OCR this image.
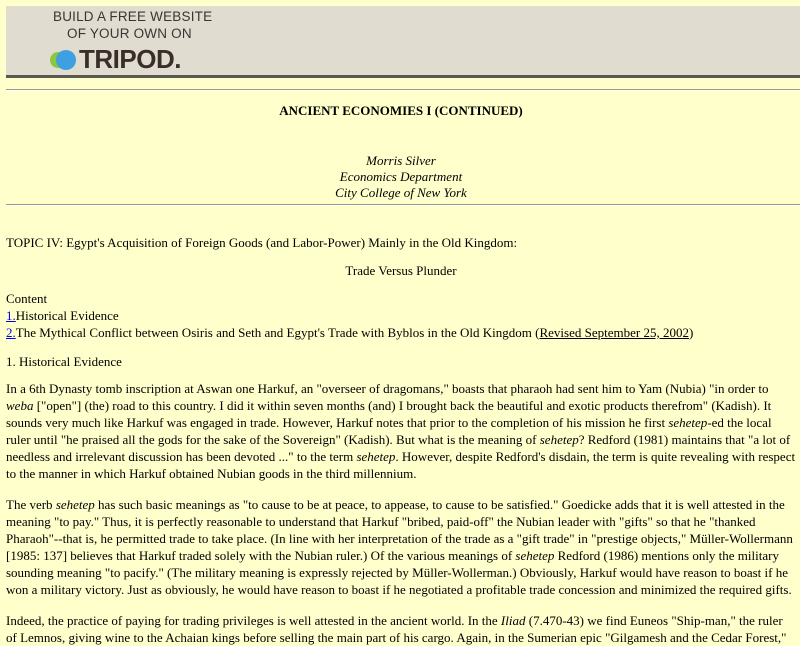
BUILD A FREE WEBSITE
OF YOUR OWN ON
TRIPOD.
ANCIENT ECONOMIES I (CONTINUED)
Morris Silver
Economics Department
City College of New York

TOPIC IV: Egypt's Acquisition of Foreign Goods (and Labor-Power) Mainly in the Old Kingdom:

Trade Versus Plunder

Content
1.Historical Evidence
2.The Mythical Conflict between Osiris and Seth and Egypt's Trade with Byblos in the Old Kingdom (Revised September 25, 2002)

1. Historical Evidence

In a 6th Dynasty tomb inscription at Aswan one Harkuf, an "overseer of dragomans," boasts that pharaoh had sent him to Yam (Nubia) "in order to weba ["open"] (the) road to this country. I did it within seven months (and) I brought back the beautiful and exotic products therefrom" (Kadish). It sounds very much like Harkuf was engaged in trade. However, Harkuf notes that prior to the completion of his mission he first sehetep-ed the local ruler until "he praised all the gods for the sake of the Sovereign" (Kadish). But what is the meaning of sehetep? Redford (1981) maintains that "a lot of needless and irrelevant discussion has been devoted ..." to the term sehetep. However, despite Redford's disdain, the term is quite revealing with respect to the manner in which Harkuf obtained Nubian goods in the third millennium.

The verb sehetep has such basic meanings as "to cause to be at peace, to appease, to cause to be satisfied." Goedicke adds that it is well attested in the meaning "to pay." Thus, it is perfectly reasonable to understand that Harkuf "bribed, paid-off" the Nubian leader with "gifts" so that he "thanked Pharaoh"--that is, he permitted trade to take place. (In line with her interpretation of the trade as a "gift trade" in "prestige objects," Müller-Wollermann [1985: 137] believes that Harkuf traded solely with the Nubian ruler.) Of the various meanings of sehetep Redford (1986) mentions only the military sounding meaning "to pacify." (The military meaning is expressly rejected by Müller-Wollerman.) Obviously, Harkuf would have reason to boast if he won a military victory. Just as obviously, he would have reason to boast if he negotiated a profitable trade concession and minimized the required gifts.

Indeed, the practice of paying for trading privileges is well attested in the ancient world. In the Iliad (7.470-43) we find Euneos "Ship-man," the ruler of Lemnos, giving wine to the Achaian kings before selling the main part of his cargo. Again, in the Sumerian epic "Gilgamesh and the Cedar Forest,"
